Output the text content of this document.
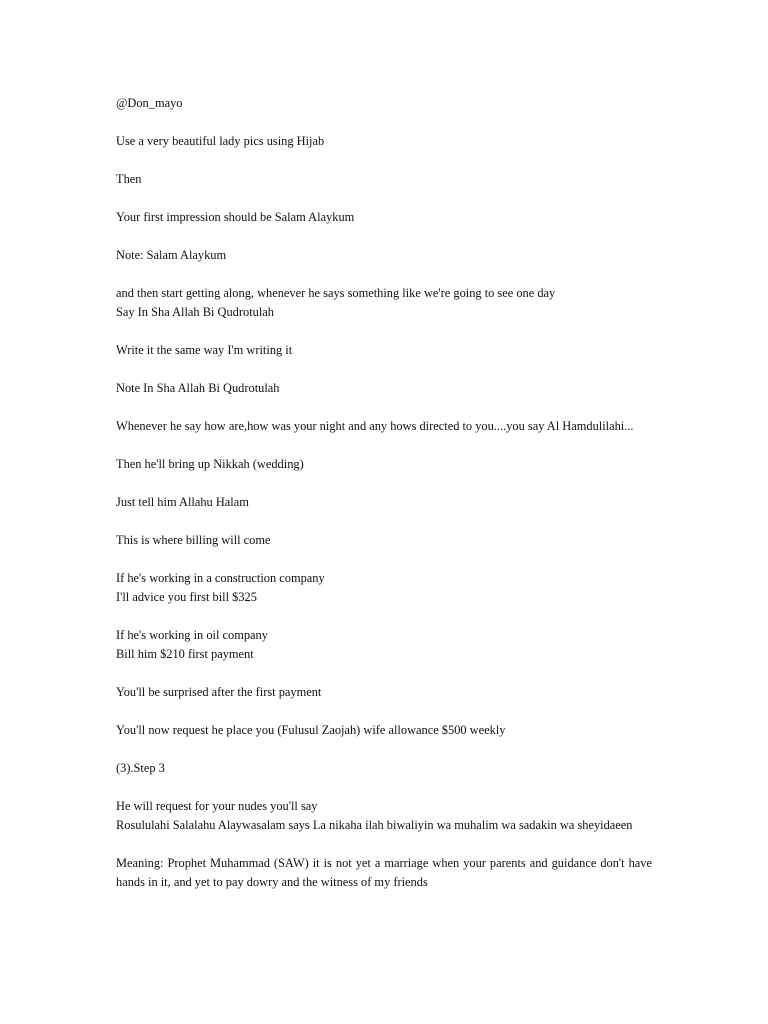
@Don_mayo

Use a very beautiful lady pics using Hijab

Then

Your first impression should be Salam Alaykum

Note: Salam Alaykum

and then start getting along, whenever he says something like we're going to see one day
Say In Sha Allah Bi Qudrotulah

Write it the same way I'm writing it

Note In Sha Allah Bi Qudrotulah

Whenever he say how are,how was your night and any hows directed to you....you say Al Hamdulilahi...

Then he'll bring up Nikkah (wedding)

Just tell him Allahu Halam

This is where billing will come

If he's working in a construction company
I'll advice you first bill $325

If he's working in oil company
Bill him $210 first payment

You'll be surprised after the first payment

You'll now request he place you (Fulusul Zaojah) wife allowance $500 weekly

(3).Step 3

He will request for your nudes you'll say
Rosululahi Salalahu Alaywasalam says La nikaha ilah biwaliyin wa muhalim wa sadakin wa sheyidaeen

Meaning: Prophet Muhammad (SAW) it is not yet a marriage when your parents and guidance don't have hands in it, and yet to pay dowry and the witness of my friends
